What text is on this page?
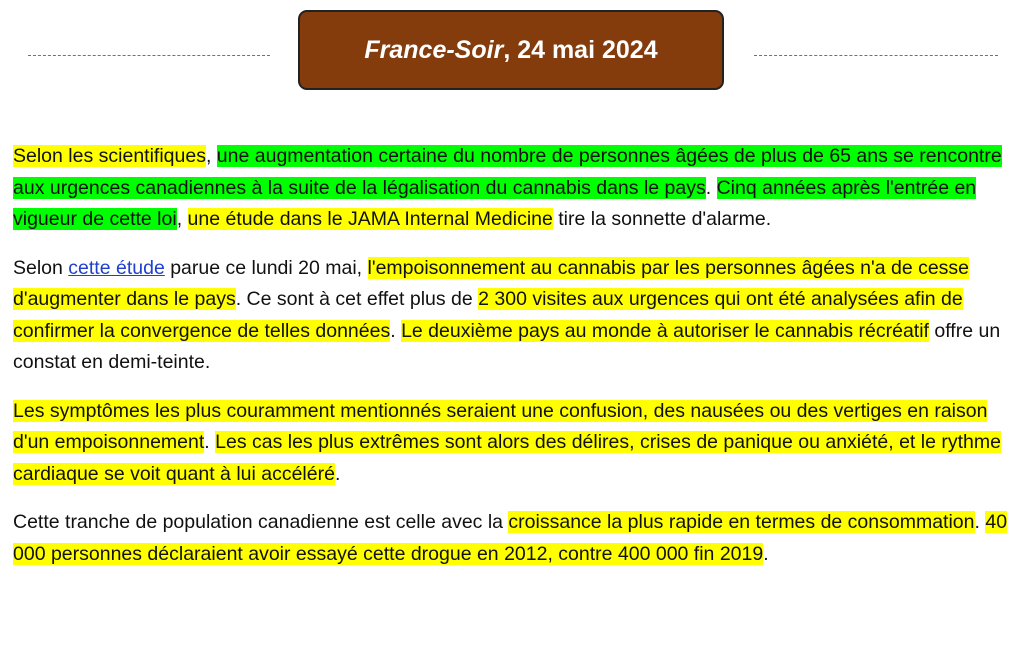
France-Soir , 24 mai 2024

Selon les scientifiques, une augmentation certaine du nombre de personnes âgées de plus de 65 ans se rencontre aux urgences canadiennes à la suite de la légalisation du cannabis dans le pays. Cinq années après l'entrée en vigueur de cette loi, une étude dans le JAMA Internal Medicine tire la sonnette d'alarme.

Selon cette étude parue ce lundi 20 mai, l'empoisonnement au cannabis par les personnes âgées n'a de cesse d'augmenter dans le pays. Ce sont à cet effet plus de 2 300 visites aux urgences qui ont été analysées afin de confirmer la convergence de telles données. Le deuxième pays au monde à autoriser le cannabis récréatif offre un constat en demi-teinte.

Les symptômes les plus couramment mentionnés seraient une confusion, des nausées ou des vertiges en raison d'un empoisonnement. Les cas les plus extrêmes sont alors des délires, crises de panique ou anxiété, et le rythme cardiaque se voit quant à lui accéléré.

Cette tranche de population canadienne est celle avec la croissance la plus rapide en termes de consommation. 40 000 personnes déclaraient avoir essayé cette drogue en 2012, contre 400 000 fin 2019.
